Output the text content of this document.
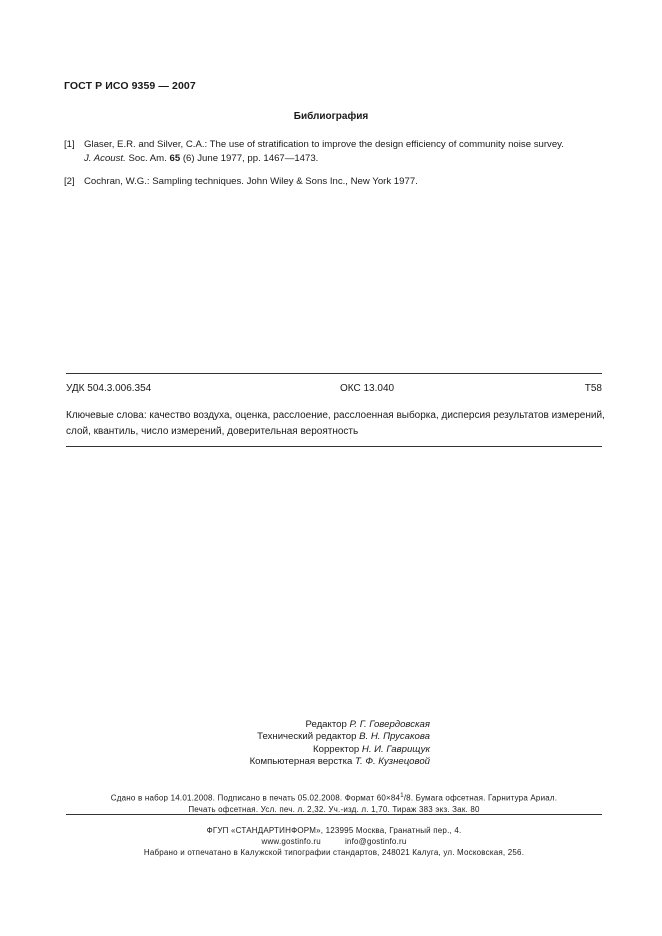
ГОСТ Р ИСО 9359 — 2007
Библиография
[1] Glaser, E.R. and Silver, C.A.: The use of stratification to improve the design efficiency of community noise survey.
J. Acoust. Soc. Am. 65 (6) June 1977, pp. 1467—1473.
[2] Cochran, W.G.: Sampling techniques. John Wiley & Sons Inc., New York 1977.
УДК 504.3.006.354	ОКС 13.040	Т58
Ключевые слова: качество воздуха, оценка, расслоение, расслоенная выборка, дисперсия результатов измерений, слой, квантиль, число измерений, доверительная вероятность
Редактор Р. Г. Говердовская
Технический редактор В. Н. Прусакова
Корректор Н. И. Гаврищук
Компьютерная верстка Т. Ф. Кузнецовой
Сдано в набор 14.01.2008. Подписано в печать 05.02.2008. Формат $60\times 84^1/8$. Бумага офсетная. Гарнитура Ариал.
Печать офсетная. Усл. печ. л. 2,32. Уч.-изд. л. 1,70. Тираж 383 экз. Зак. 80
ФГУП «СТАНДАРТИНФОРМ», 123995 Москва, Гранатный пер., 4.
www.gostinfo.ru	info@gostinfo.ru
Набрано и отпечатано в Калужской типографии стандартов, 248021 Калуга, ул. Московская, 256.
